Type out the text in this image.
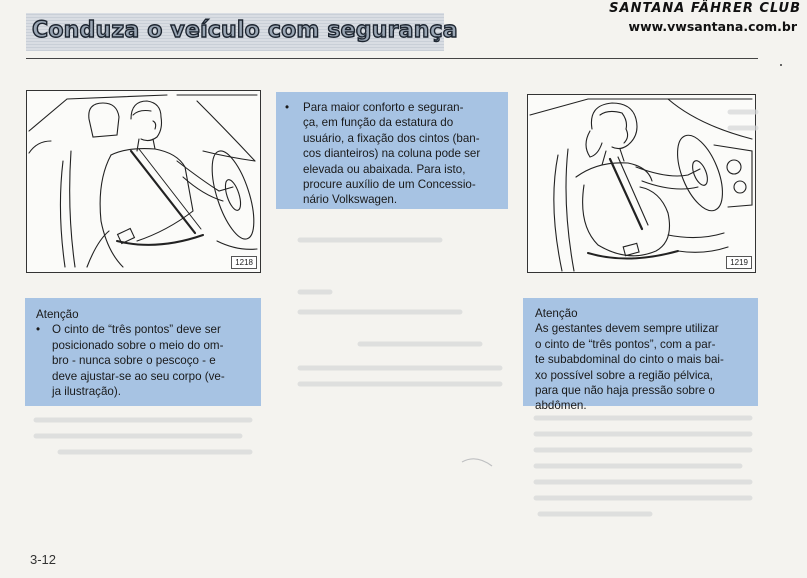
Conduza o veículo com segurança
SANTANA FÄHRER CLUB
www.vwsantana.com.br
1218	1219
• Para maior conforto e seguran-
ça, em função da estatura do
usuário, a fixação dos cintos (ban-
cos dianteiros) na coluna pode ser
elevada ou abaixada. Para isto,
procure auxílio de um Concessio-
nário Volkswagen.
Atenção
• O cinto de “três pontos” deve ser
posicionado sobre o meio do om-
bro - nunca sobre o pescoço - e
deve ajustar-se ao seu corpo (ve-
ja ilustração).
Atenção
As gestantes devem sempre utilizar
o cinto de “três pontos”, com a par-
te subabdominal do cinto o mais bai-
xo possível sobre a região pélvica,
para que não haja pressão sobre o
abdômen.
3-12
